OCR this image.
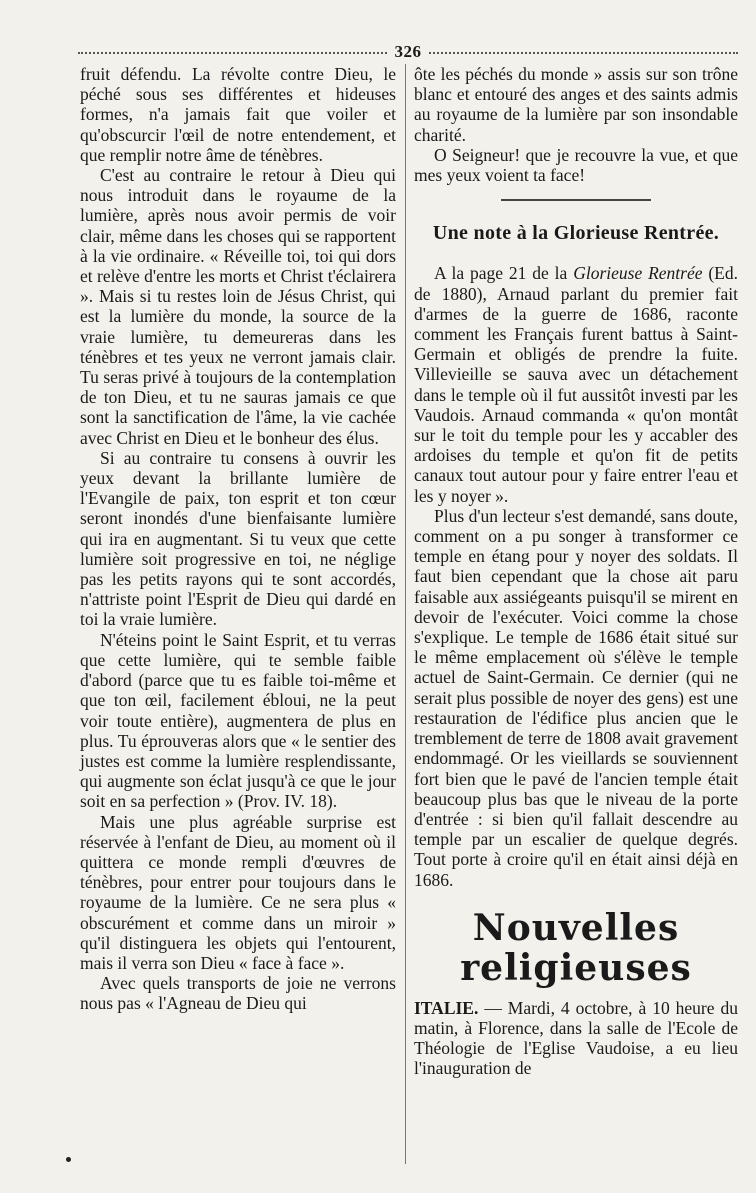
326

fruit défendu. La révolte contre Dieu, le péché sous ses différentes et hideuses formes, n'a jamais fait que voiler et qu'obscurcir l'œil de notre entendement, et que remplir notre âme de ténèbres.

C'est au contraire le retour à Dieu qui nous introduit dans le royaume de la lumière, après nous avoir permis de voir clair, même dans les choses qui se rapportent à la vie ordinaire. « Réveille toi, toi qui dors et relève d'entre les morts et Christ t'éclairera ». Mais si tu restes loin de Jésus Christ, qui est la lumière du monde, la source de la vraie lumière, tu demeureras dans les ténèbres et tes yeux ne verront jamais clair. Tu seras privé à toujours de la contemplation de ton Dieu, et tu ne sauras jamais ce que sont la sanctification de l'âme, la vie cachée avec Christ en Dieu et le bonheur des élus.

Si au contraire tu consens à ouvrir les yeux devant la brillante lumière de l'Evangile de paix, ton esprit et ton cœur seront inondés d'une bienfaisante lumière qui ira en augmentant. Si tu veux que cette lumière soit progressive en toi, ne néglige pas les petits rayons qui te sont accordés, n'attriste point l'Esprit de Dieu qui dardé en toi la vraie lumière.

N'éteins point le Saint Esprit, et tu verras que cette lumière, qui te semble faible d'abord (parce que tu es faible toi-même et que ton œil, facilement ébloui, ne la peut voir toute entière), augmentera de plus en plus. Tu éprouveras alors que « le sentier des justes est comme la lumière resplendissante, qui augmente son éclat jusqu'à ce que le jour soit en sa perfection » (Prov. IV. 18).

Mais une plus agréable surprise est réservée à l'enfant de Dieu, au moment où il quittera ce monde rempli d'œuvres de ténèbres, pour entrer pour toujours dans le royaume de la lumière. Ce ne sera plus « obscurément et comme dans un miroir » qu'il distinguera les objets qui l'entourent, mais il verra son Dieu « face à face ».

Avec quels transports de joie ne verrons nous pas « l'Agneau de Dieu qui

ôte les péchés du monde » assis sur son trône blanc et entouré des anges et des saints admis au royaume de la lumière par son insondable charité.

O Seigneur! que je recouvre la vue, et que mes yeux voient ta face!

Une note à la Glorieuse Rentrée.

A la page 21 de la Glorieuse Rentrée (Ed. de 1880), Arnaud parlant du premier fait d'armes de la guerre de 1686, raconte comment les Français furent battus à Saint-Germain et obligés de prendre la fuite. Villevieille se sauva avec un détachement dans le temple où il fut aussitôt investi par les Vaudois. Arnaud commanda « qu'on montât sur le toit du temple pour les y accabler des ardoises du temple et qu'on fit de petits canaux tout autour pour y faire entrer l'eau et les y noyer ».

Plus d'un lecteur s'est demandé, sans doute, comment on a pu songer à transformer ce temple en étang pour y noyer des soldats. Il faut bien cependant que la chose ait paru faisable aux assiégeants puisqu'il se mirent en devoir de l'exécuter. Voici comme la chose s'explique. Le temple de 1686 était situé sur le même emplacement où s'élève le temple actuel de Saint-Germain. Ce dernier (qui ne serait plus possible de noyer des gens) est une restauration de l'édifice plus ancien que le tremblement de terre de 1808 avait gravement endommagé. Or les vieillards se souviennent fort bien que le pavé de l'ancien temple était beaucoup plus bas que le niveau de la porte d'entrée : si bien qu'il fallait descendre au temple par un escalier de quelque degrés. Tout porte à croire qu'il en était ainsi déjà en 1686.

Nouvelles religieuses

ITALIE. — Mardi, 4 octobre, à 10 heure du matin, à Florence, dans la salle de l'Ecole de Théologie de l'Eglise Vaudoise, a eu lieu l'inauguration de
